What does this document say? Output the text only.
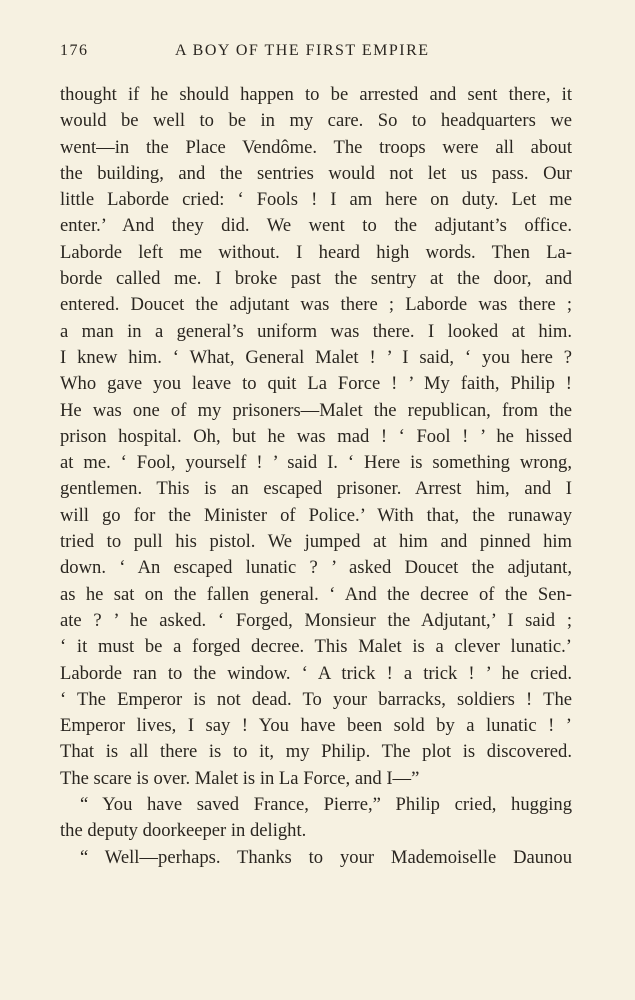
176	A BOY OF THE FIRST EMPIRE
thought if he should happen to be arrested and sent there, it
would be well to be in my care. So to headquarters we
went—in the Place Vendôme. The troops were all about
the building, and the sentries would not let us pass. Our
little Laborde cried: ‘ Fools ! I am here on duty. Let me
enter.’ And they did. We went to the adjutant’s office.
Laborde left me without. I heard high words. Then La-
borde called me. I broke past the sentry at the door, and
entered. Doucet the adjutant was there ; Laborde was there ;
a man in a general’s uniform was there. I looked at him.
I knew him. ‘ What, General Malet ! ’ I said, ‘ you here ?
Who gave you leave to quit La Force ! ’ My faith, Philip !
He was one of my prisoners—Malet the republican, from the
prison hospital. Oh, but he was mad ! ‘ Fool ! ’ he hissed
at me. ‘ Fool, yourself ! ’ said I. ‘ Here is something wrong,
gentlemen. This is an escaped prisoner. Arrest him, and I
will go for the Minister of Police.’ With that, the runaway
tried to pull his pistol. We jumped at him and pinned him
down. ‘ An escaped lunatic ? ’ asked Doucet the adjutant,
as he sat on the fallen general. ‘ And the decree of the Sen-
ate ? ’ he asked. ‘ Forged, Monsieur the Adjutant,’ I said ;
‘ it must be a forged decree. This Malet is a clever lunatic.’
Laborde ran to the window. ‘ A trick ! a trick ! ’ he cried.
‘ The Emperor is not dead. To your barracks, soldiers ! The
Emperor lives, I say ! You have been sold by a lunatic ! ’
That is all there is to it, my Philip. The plot is discovered.
The scare is over. Malet is in La Force, and I—”
“ You have saved France, Pierre,” Philip cried, hugging
the deputy doorkeeper in delight.
“ Well—perhaps. Thanks to your Mademoiselle Daunou
